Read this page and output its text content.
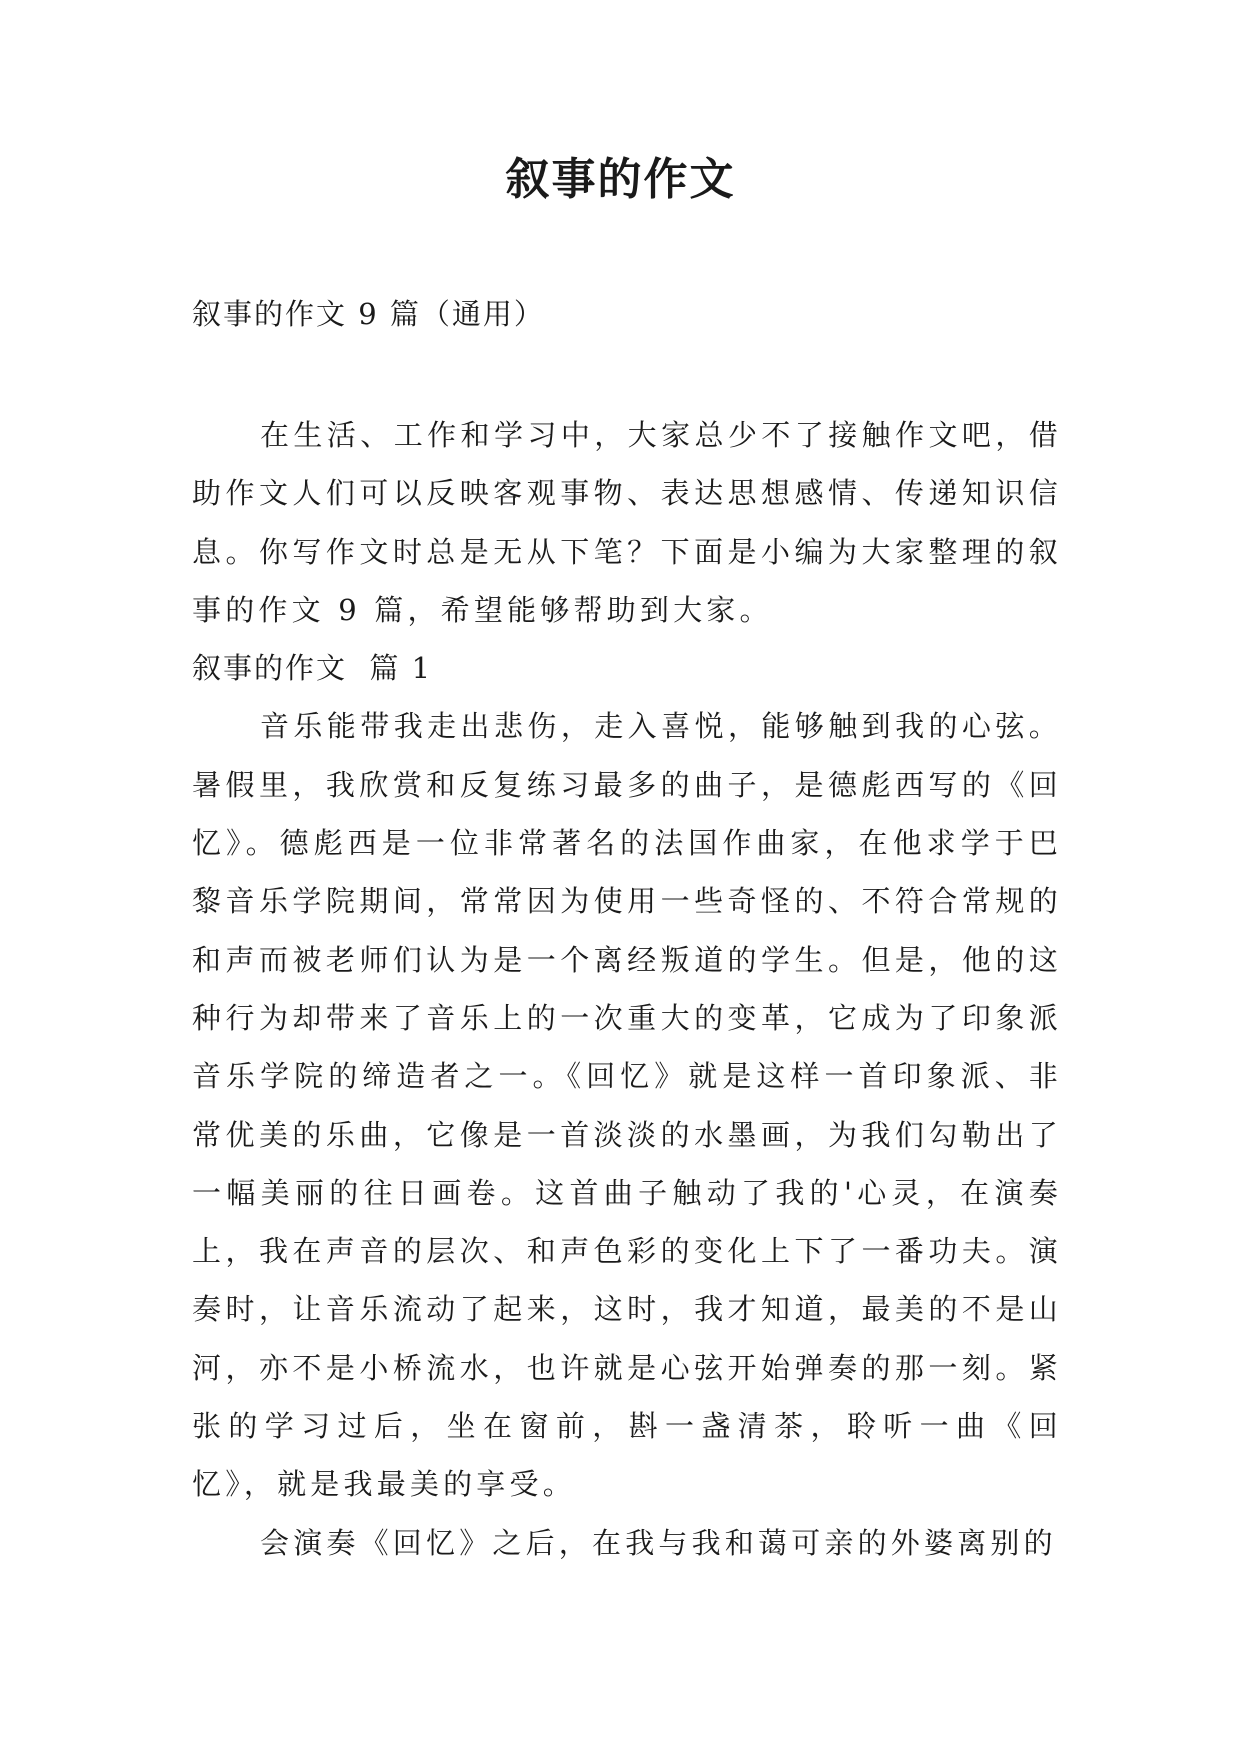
叙事的作文
叙事的作文 9 篇（通用）

在生活、工作和学习中，大家总少不了接触作文吧，借助作文人们可以反映客观事物、表达思想感情、传递知识信息。你写作文时总是无从下笔？下面是小编为大家整理的叙事的作文 9 篇，希望能够帮助到大家。

叙事的作文  篇 1

音乐能带我走出悲伤，走入喜悦，能够触到我的心弦。暑假里，我欣赏和反复练习最多的曲子，是德彪西写的《回忆》。德彪西是一位非常著名的法国作曲家，在他求学于巴黎音乐学院期间，常常因为使用一些奇怪的、不符合常规的和声而被老师们认为是一个离经叛道的学生。但是，他的这种行为却带来了音乐上的一次重大的变革，它成为了印象派音乐学院的缔造者之一。《回忆》就是这样一首印象派、非常优美的乐曲，它像是一首淡淡的水墨画，为我们勾勒出了一幅美丽的往日画卷。这首曲子触动了我的'心灵，在演奏上，我在声音的层次、和声色彩的变化上下了一番功夫。演奏时，让音乐流动了起来，这时，我才知道，最美的不是山河，亦不是小桥流水，也许就是心弦开始弹奏的那一刻。紧张的学习过后，坐在窗前，斟一盏清茶，聆听一曲《回忆》，就是我最美的享受。

会演奏《回忆》之后，在我与我和蔼可亲的外婆离别的
